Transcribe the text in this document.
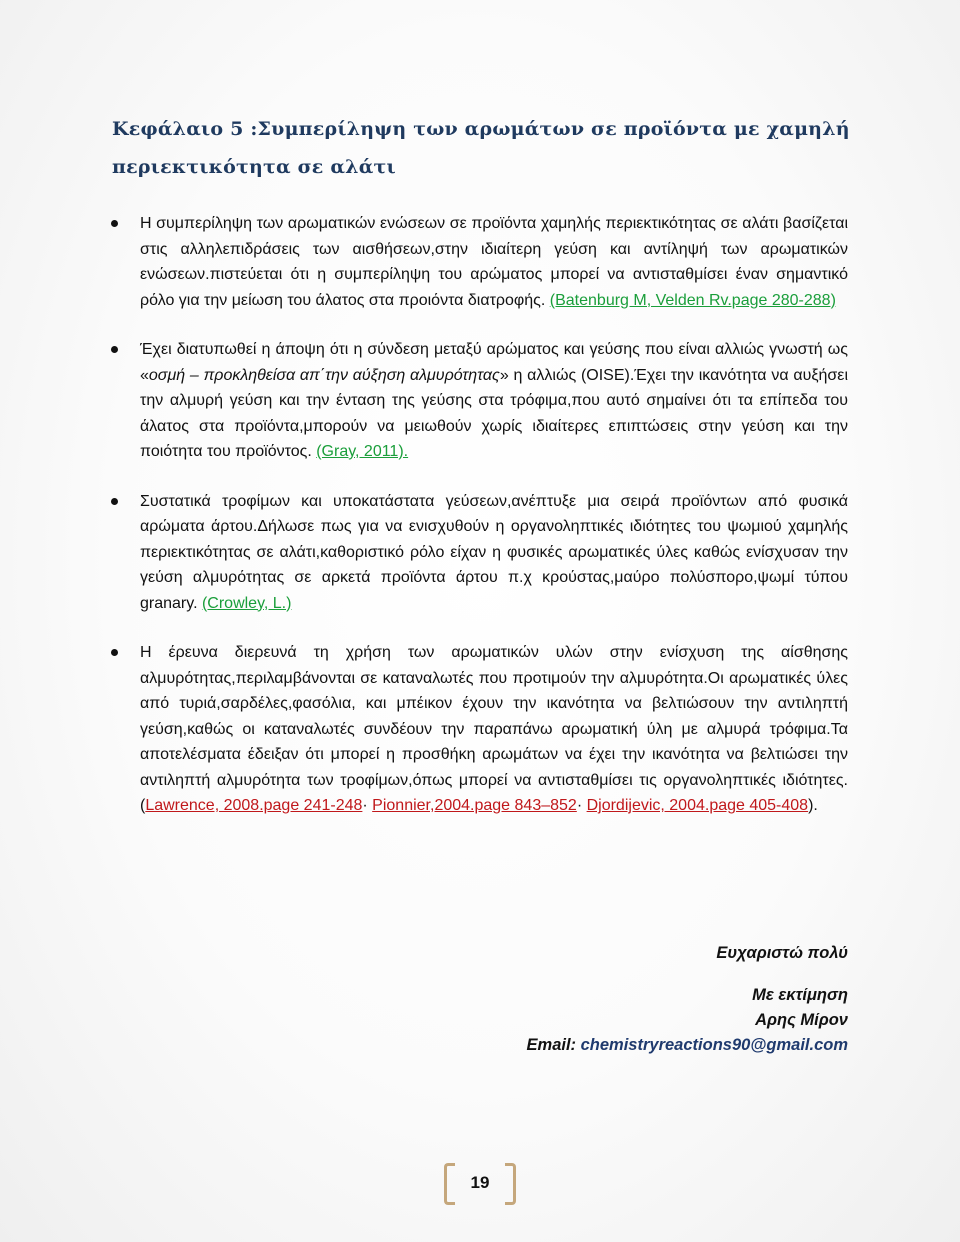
Κεφάλαιο 5 :Συμπερίληψη των αρωμάτων σε προϊόντα με χαμηλή περιεκτικότητα σε αλάτι
Η συμπερίληψη των αρωματικών ενώσεων σε προϊόντα χαμηλής περιεκτικότητας σε αλάτι βασίζεται στις αλληλεπιδράσεις των αισθήσεων,στην ιδιαίτερη γεύση και αντίληψή των αρωματικών ενώσεων.πιστεύεται ότι η συμπερίληψη του αρώματος μπορεί να αντισταθμίσει έναν σημαντικό ρόλο για την μείωση του άλατος στα προιόντα διατροφής. (Batenburg M, Velden Rv.page 280-288)
Έχει διατυπωθεί η άποψη ότι η σύνδεση μεταξύ αρώματος και γεύσης που είναι αλλιώς γνωστή ως «οσμή – προκληθείσα απ΄την αύξηση αλμυρότητας» η αλλιώς (OISE).Έχει την ικανότητα να αυξήσει την αλμυρή γεύση και την ένταση της γεύσης στα τρόφιμα,που αυτό σημαίνει ότι τα επίπεδα του άλατος στα προϊόντα,μπορούν να μειωθούν χωρίς ιδιαίτερες επιπτώσεις στην γεύση και την ποιότητα του προϊόντος. (Gray, 2011).
Συστατικά τροφίμων και υποκατάστατα γεύσεων,ανέπτυξε μια σειρά προϊόντων από φυσικά αρώματα άρτου.Δήλωσε πως για να ενισχυθούν η οργανοληπτικές ιδιότητες του ψωμιού χαμηλής περιεκτικότητας σε αλάτι,καθοριστικό ρόλο είχαν η φυσικές αρωματικές ύλες καθώς ενίσχυσαν την γεύση αλμυρότητας σε αρκετά προϊόντα άρτου π.χ κρούστας,μαύρο πολύσπορο,ψωμί τύπου granary. (Crowley, L.)
Η έρευνα διερευνά τη χρήση των αρωματικών υλών στην ενίσχυση της αίσθησης αλμυρότητας,περιλαμβάνονται σε καταναλωτές που προτιμούν την αλμυρότητα.Οι αρωματικές ύλες από τυριά,σαρδέλες,φασόλια, και μπέικον έχουν την ικανότητα να βελτιώσουν την αντιληπτή γεύση,καθώς οι καταναλωτές συνδέουν την παραπάνω αρωματική ύλη με αλμυρά τρόφιμα.Τα αποτελέσματα έδειξαν ότι μπορεί η προσθήκη αρωμάτων να έχει την ικανότητα να βελτιώσει την αντιληπτή αλμυρότητα των τροφίμων,όπως μπορεί να αντισταθμίσει τις οργανοληπτικές ιδιότητες.(Lawrence, 2008.page 241-248· Pionnier,2004.page 843–852· Djordijevic, 2004.page 405-408).
Ευχαριστώ πολύ
Με εκτίμηση
Αρης Μίρον
Email: chemistryreactions90@gmail.com
19
